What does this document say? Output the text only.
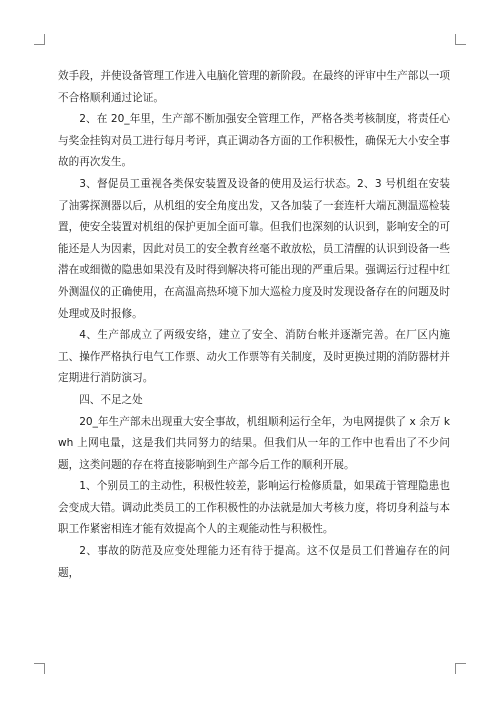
效手段，并使设备管理工作进入电脑化管理的新阶段。在最终的评审中生产部以一项不合格顺利通过论证。

2、在 20_年里，生产部不断加强安全管理工作，严格各类考核制度，将责任心与奖金挂钩对员工进行每月考评，真正调动各方面的工作积极性，确保无大小安全事故的再次发生。

3、督促员工重视各类保安装置及设备的使用及运行状态。2、3 号机组在安装了油雾探测器以后，从机组的安全角度出发，又各加装了一套连杆大端瓦测温巡检装置，使安全装置对机组的保护更加全面可靠。但我们也深刻的认识到，影响安全的可能还是人为因素，因此对员工的安全教育丝毫不敢放松，员工清醒的认识到设备一些潜在或细微的隐患如果没有及时得到解决将可能出现的严重后果。强调运行过程中红外测温仪的正确使用，在高温高热环境下加大巡检力度及时发现设备存在的问题及时处理或及时报修。

4、生产部成立了两级安络，建立了安全、消防台帐并逐渐完善。在厂区内施工、操作严格执行电气工作票、动火工作票等有关制度，及时更换过期的消防器材并定期进行消防演习。

四、不足之处

20_年生产部未出现重大安全事故，机组顺利运行全年，为电网提供了 x 余万 kwh 上网电量，这是我们共同努力的结果。但我们从一年的工作中也看出了不少问题，这类问题的存在将直接影响到生产部今后工作的顺利开展。

1、个别员工的主动性，积极性较差，影响运行检修质量，如果疏于管理隐患也会变成大错。调动此类员工的工作积极性的办法就是加大考核力度，将切身利益与本职工作紧密相连才能有效提高个人的主观能动性与积极性。

2、事故的防范及应变处理能力还有待于提高。这不仅是员工们普遍存在的问题，
